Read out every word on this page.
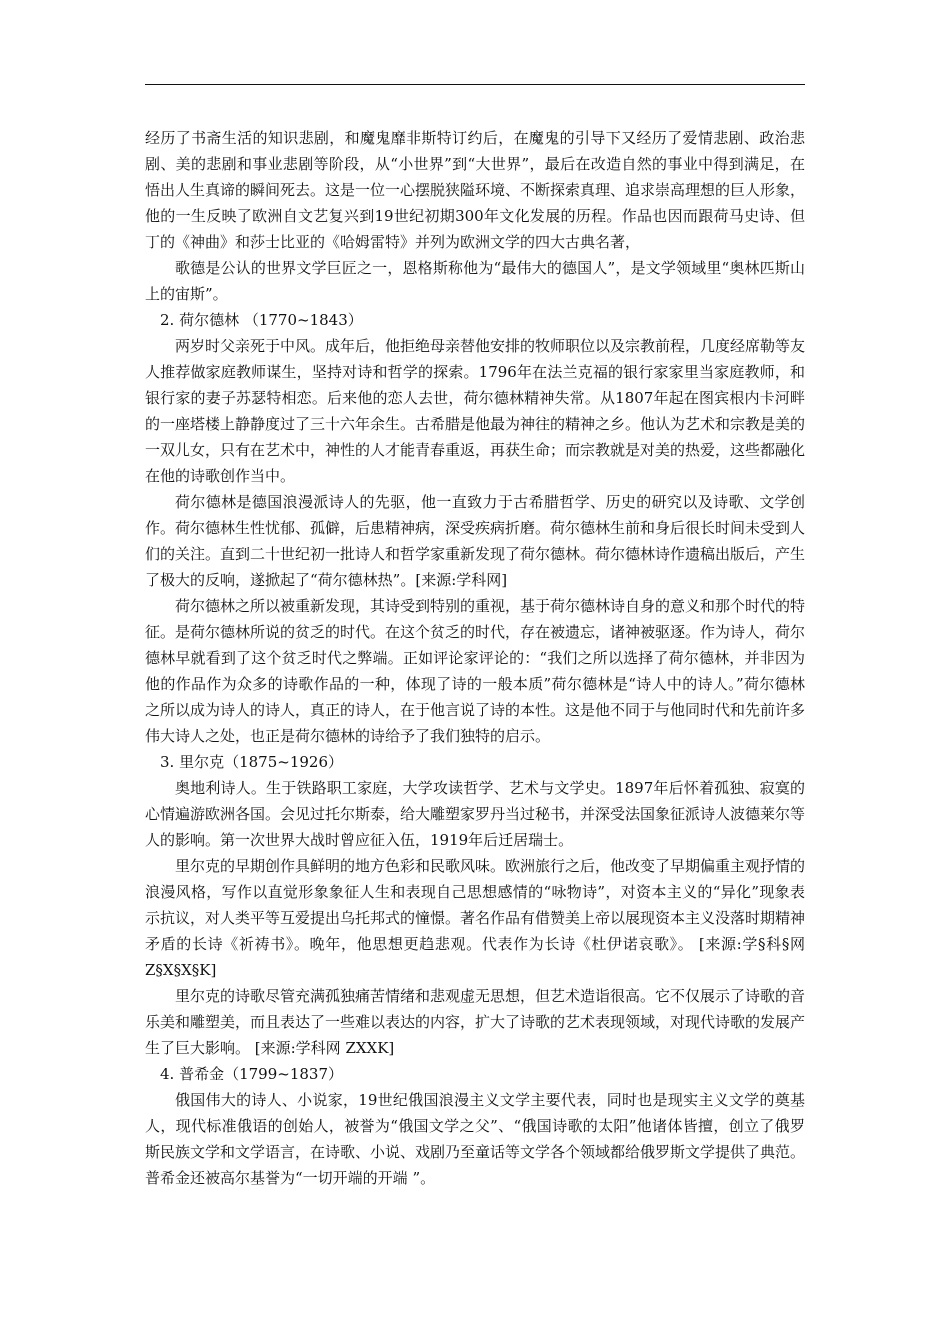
经历了书斋生活的知识悲剧，和魔鬼靡非斯特订约后，在魔鬼的引导下又经历了爱情悲剧、政治悲剧、美的悲剧和事业悲剧等阶段，从“小世界”到“大世界”，最后在改造自然的事业中得到满足，在悟出人生真谛的瞬间死去。这是一位一心摆脱狭隘环境、不断探索真理、追求崇高理想的巨人形象，他的一生反映了欧洲自文艺复兴到19世纪初期300年文化发展的历程。作品也因而跟荷马史诗、但丁的《神曲》和莎士比亚的《哈姆雷特》并列为欧洲文学的四大古典名著，

歌德是公认的世界文学巨匠之一，恩格斯称他为“最伟大的德国人”，是文学领域里“奥林匹斯山上的宙斯”。

2. 荷尔德林 （1770~1843）

两岁时父亲死于中风。成年后，他拒绝母亲替他安排的牧师职位以及宗教前程，几度经席勒等友人推荐做家庭教师谋生，坚持对诗和哲学的探索。1796年在法兰克福的银行家家里当家庭教师，和银行家的妻子苏瑟特相恋。后来他的恋人去世，荷尔德林精神失常。从1807年起在图宾根内卡河畔的一座塔楼上静静度过了三十六年余生。古希腊是他最为神往的精神之乡。他认为艺术和宗教是美的一双儿女，只有在艺术中，神性的人才能青春重返，再获生命；而宗教就是对美的热爱，这些都融化在他的诗歌创作当中。

荷尔德林是德国浪漫派诗人的先驱，他一直致力于古希腊哲学、历史的研究以及诗歌、文学创作。荷尔德林生性忧郁、孤僻，后患精神病，深受疾病折磨。荷尔德林生前和身后很长时间未受到人们的关注。直到二十世纪初一批诗人和哲学家重新发现了荷尔德林。荷尔德林诗作遗稿出版后，产生了极大的反响，遂掀起了“荷尔德林热”。[来源:学科网]

荷尔德林之所以被重新发现，其诗受到特别的重视，基于荷尔德林诗自身的意义和那个时代的特征。是荷尔德林所说的贫乏的时代。在这个贫乏的时代，存在被遗忘，诸神被驱逐。作为诗人，荷尔德林早就看到了这个贫乏时代之弊端。正如评论家评论的：“我们之所以选择了荷尔德林，并非因为他的作品作为众多的诗歌作品的一种，体现了诗的一般本质”荷尔德林是“诗人中的诗人。”荷尔德林之所以成为诗人的诗人，真正的诗人，在于他言说了诗的本性。这是他不同于与他同时代和先前许多伟大诗人之处，也正是荷尔德林的诗给予了我们独特的启示。

3. 里尔克（1875~1926）

奥地利诗人。生于铁路职工家庭，大学攻读哲学、艺术与文学史。1897年后怀着孤独、寂寞的心情遍游欧洲各国。会见过托尔斯泰，给大雕塑家罗丹当过秘书，并深受法国象征派诗人波德莱尔等人的影响。第一次世界大战时曾应征入伍，1919年后迁居瑞士。

里尔克的早期创作具鲜明的地方色彩和民歌风味。欧洲旅行之后，他改变了早期偏重主观抒情的浪漫风格，写作以直觉形象象征人生和表现自己思想感情的“咏物诗”，对资本主义的“异化”现象表示抗议，对人类平等互爱提出乌托邦式的憧憬。著名作品有借赞美上帝以展现资本主义没落时期精神矛盾的长诗《祈祷书》。晚年，他思想更趋悲观。代表作为长诗《杜伊诺哀歌》。 [来源:学§科§网 Z§X§X§K]

里尔克的诗歌尽管充满孤独痛苦情绪和悲观虚无思想，但艺术造诣很高。它不仅展示了诗歌的音乐美和雕塑美，而且表达了一些难以表达的内容，扩大了诗歌的艺术表现领域，对现代诗歌的发展产生了巨大影响。 [来源:学科网 ZXXK]

4. 普希金（1799~1837）

俄国伟大的诗人、小说家，19世纪俄国浪漫主义文学主要代表，同时也是现实主义文学的奠基人，现代标准俄语的创始人，被誉为“俄国文学之父”、“俄国诗歌的太阳”他诸体皆擅，创立了俄罗斯民族文学和文学语言，在诗歌、小说、戏剧乃至童话等文学各个领域都给俄罗斯文学提供了典范。普希金还被高尔基誉为“一切开端的开端 ”。
